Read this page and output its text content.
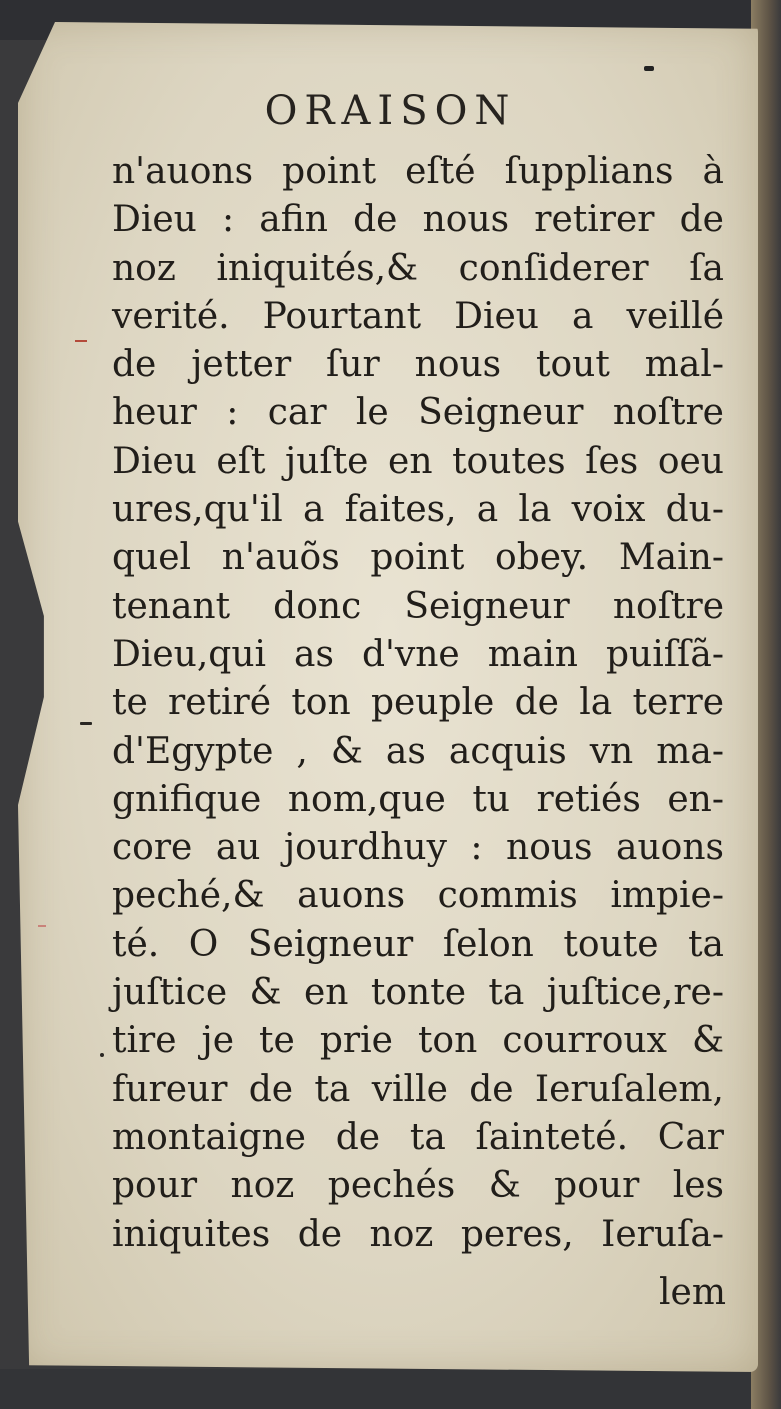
ORAISON
n'auons point eſté ſupplians à
Dieu : afin de nous retirer de
noz iniquités,& conſiderer ſa
verité. Pourtant Dieu a veillé
de jetter ſur nous tout mal-
heur : car le Seigneur noſtre
Dieu eſt juſte en toutes ſes oeu
ures,qu'il a faites, a la voix du-
quel n'auõs point obey. Main-
tenant donc Seigneur noſtre
Dieu,qui as d'vne main puiſſã-
te retiré ton peuple de la terre
d'Egypte , & as acquis vn ma-
gnifique nom,que tu retiés en-
core au jourdhuy : nous auons
peché,& auons commis impie-
té. O Seigneur ſelon toute ta
juſtice & en tonte ta juſtice,re-
tire je te prie ton courroux &
fureur de ta ville de Ieruſalem,
montaigne de ta ſainteté. Car
pour noz pechés & pour les
iniquites de noz peres, Ieruſa-
lem
